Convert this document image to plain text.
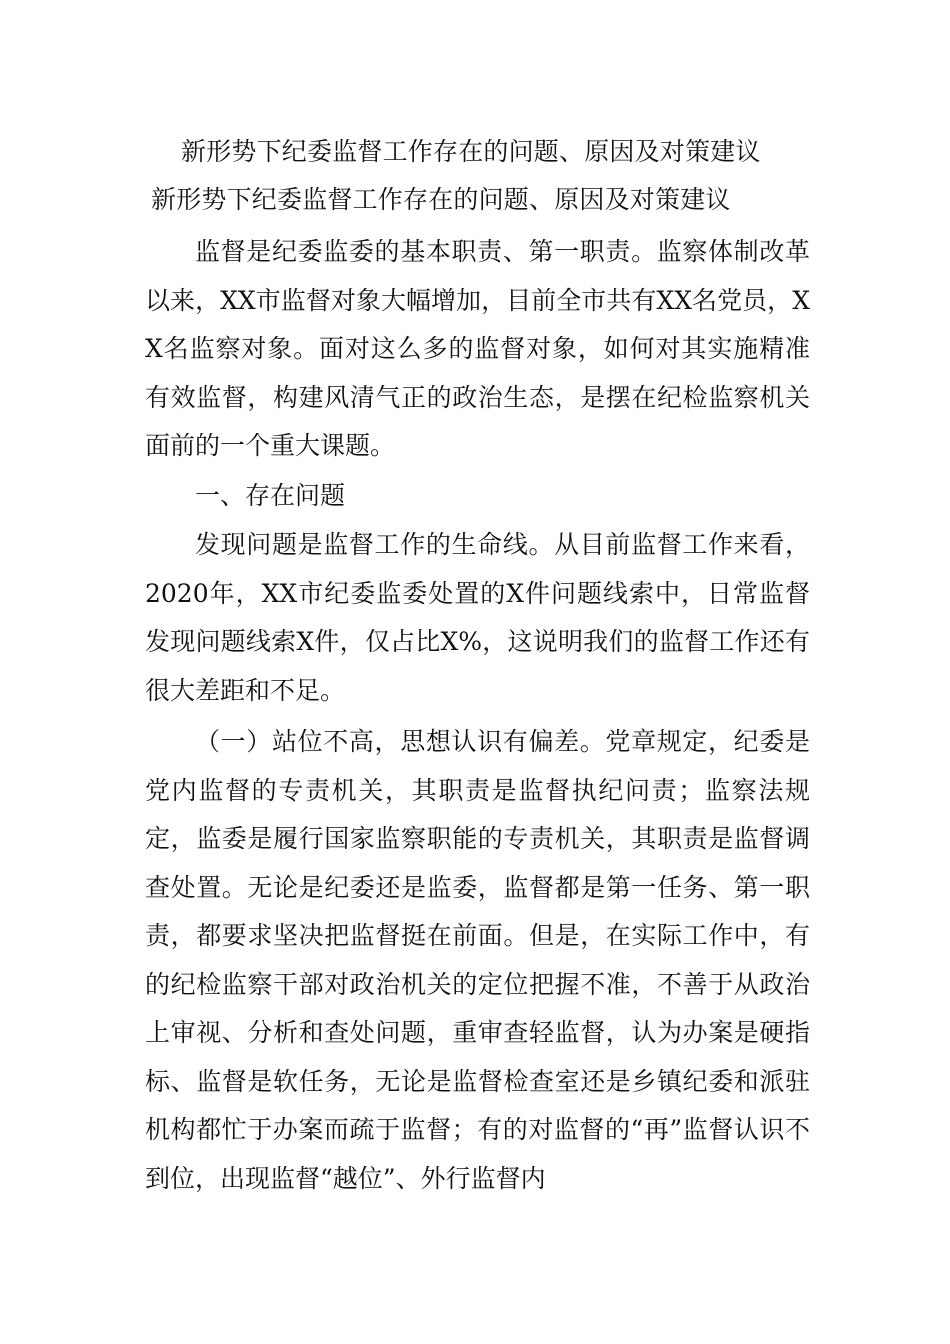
新形势下纪委监督工作存在的问题、原因及对策建议
新形势下纪委监督工作存在的问题、原因及对策建议

监督是纪委监委的基本职责、第一职责。监察体制改革以来，XX市监督对象大幅增加，目前全市共有XX名党员，XX名监察对象。面对这么多的监督对象，如何对其实施精准有效监督，构建风清气正的政治生态，是摆在纪检监察机关面前的一个重大课题。

一、存在问题

发现问题是监督工作的生命线。从目前监督工作来看，2020年，XX市纪委监委处置的X件问题线索中，日常监督发现问题线索X件，仅占比X%，这说明我们的监督工作还有很大差距和不足。

（一）站位不高，思想认识有偏差。党章规定，纪委是党内监督的专责机关，其职责是监督执纪问责；监察法规定，监委是履行国家监察职能的专责机关，其职责是监督调查处置。无论是纪委还是监委，监督都是第一任务、第一职责，都要求坚决把监督挺在前面。但是，在实际工作中，有的纪检监察干部对政治机关的定位把握不准，不善于从政治上审视、分析和查处问题，重审查轻监督，认为办案是硬指标、监督是软任务，无论是监督检查室还是乡镇纪委和派驻机构都忙于办案而疏于监督；有的对监督的“再”监督认识不到位，出现监督“越位”、外行监督内
